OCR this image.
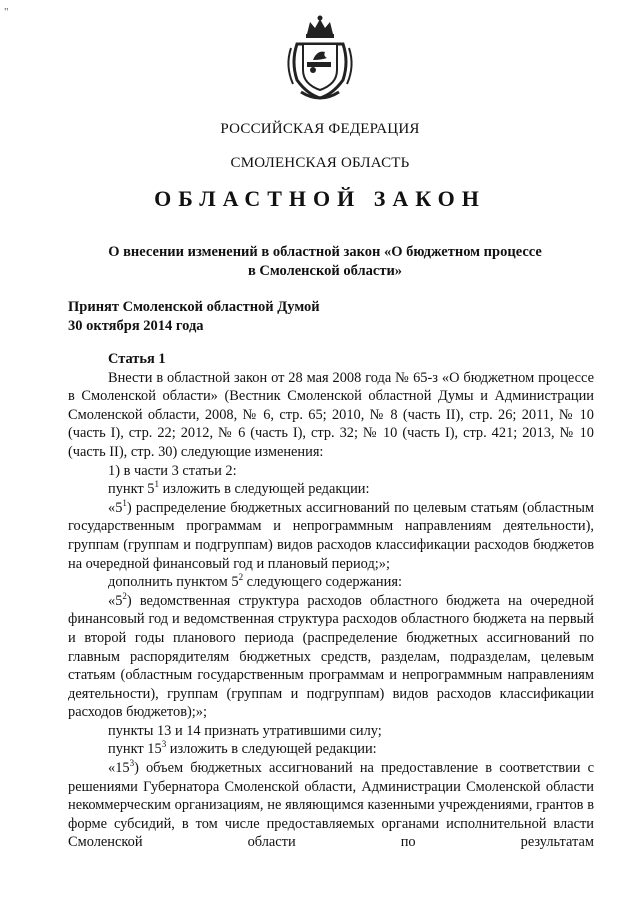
"
РОССИЙСКАЯ ФЕДЕРАЦИЯ
СМОЛЕНСКАЯ ОБЛАСТЬ
ОБЛАСТНОЙ ЗАКОН
О внесении изменений в областной закон «О бюджетном процессе
в Смоленской области»
Принят Смоленской областной Думой
30 октября 2014 года

Статья 1

Внести в областной закон от 28 мая 2008 года № 65-з «О бюджетном процессе в Смоленской области» (Вестник Смоленской областной Думы и Администрации Смоленской области, 2008, № 6, стр. 65; 2010, № 8 (часть II), стр. 26; 2011, № 10 (часть I), стр. 22; 2012, № 6 (часть I), стр. 32; № 10 (часть I), стр. 421; 2013, № 10 (часть II), стр. 30) следующие изменения:

1) в части 3 статьи 2:

пункт $5^1$ изложить в следующей редакции:

«$5^1$) распределение бюджетных ассигнований по целевым статьям (областным государственным программам и непрограммным направлениям деятельности), группам (группам и подгруппам) видов расходов классификации расходов бюджетов на очередной финансовый год и плановый период;»;

дополнить пунктом $5^2$ следующего содержания:

«$5^2$) ведомственная структура расходов областного бюджета на очередной финансовый год и ведомственная структура расходов областного бюджета на первый и второй годы планового периода (распределение бюджетных ассигнований по главным распорядителям бюджетных средств, разделам, подразделам, целевым статьям (областным государственным программам и непрограммным направлениям деятельности), группам (группам и подгруппам) видов расходов классификации расходов бюджетов);»;

пункты 13 и 14 признать утратившими силу;

пункт $15^3$ изложить в следующей редакции:

«$15^3$) объем бюджетных ассигнований на предоставление в соответствии с решениями Губернатора Смоленской области, Администрации Смоленской области некоммерческим организациям, не являющимся казенными учреждениями, грантов в форме субсидий, в том числе предоставляемых органами исполнительной власти Смоленской области по результатам
